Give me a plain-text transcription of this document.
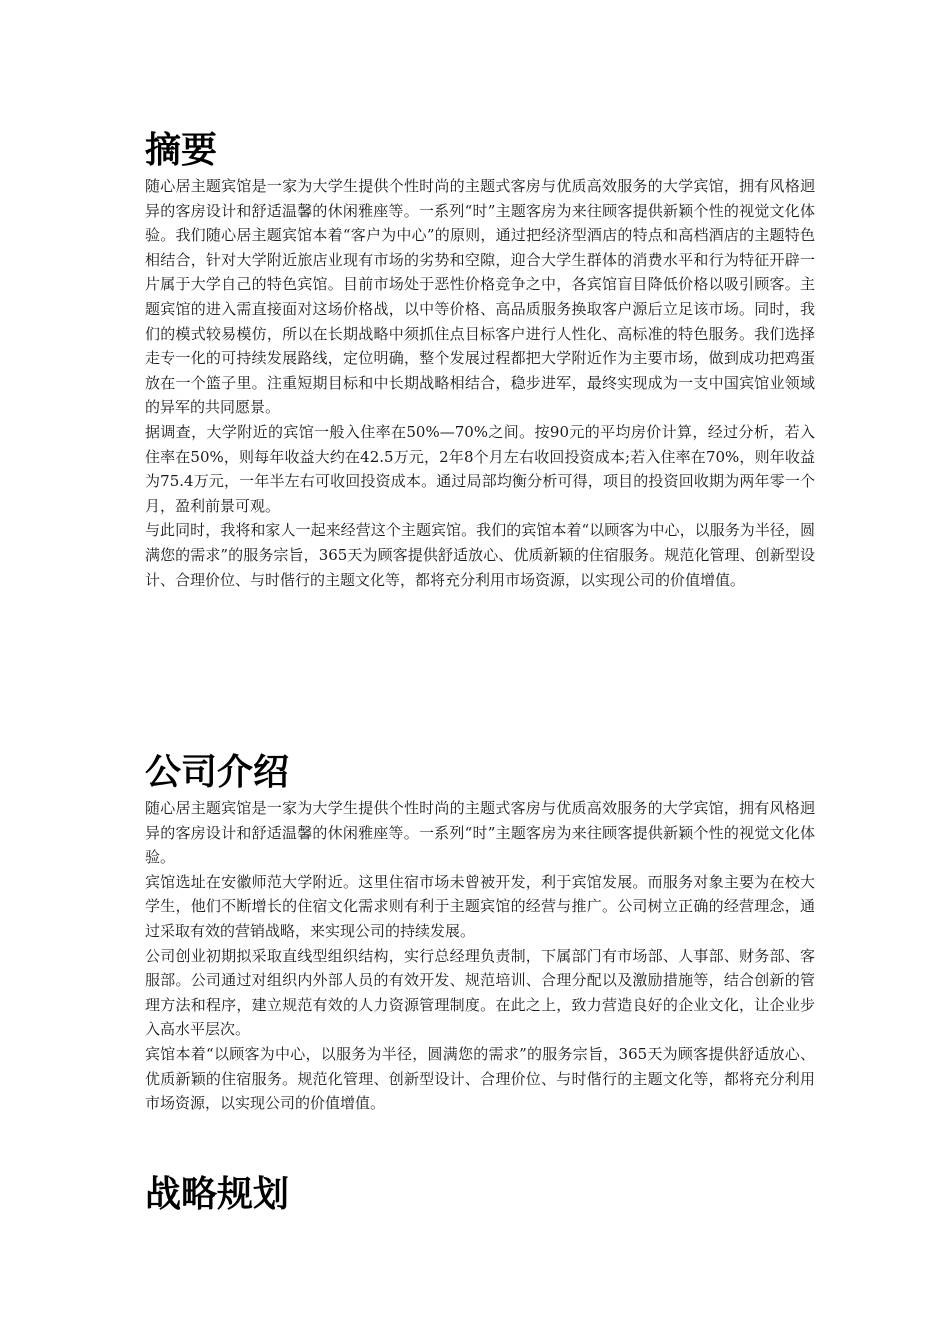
摘要

随心居主题宾馆是一家为大学生提供个性时尚的主题式客房与优质高效服务的大学宾馆，拥有风格迥异的客房设计和舒适温馨的休闲雅座等。一系列“时”主题客房为来往顾客提供新颖个性的视觉文化体验。我们随心居主题宾馆本着“客户为中心”的原则，通过把经济型酒店的特点和高档酒店的主题特色相结合，针对大学附近旅店业现有市场的劣势和空隙，迎合大学生群体的消费水平和行为特征开辟一片属于大学自己的特色宾馆。目前市场处于恶性价格竞争之中，各宾馆盲目降低价格以吸引顾客。主题宾馆的进入需直接面对这场价格战，以中等价格、高品质服务换取客户源后立足该市场。同时，我们的模式较易模仿，所以在长期战略中须抓住点目标客户进行人性化、高标准的特色服务。我们选择走专一化的可持续发展路线，定位明确，整个发展过程都把大学附近作为主要市场，做到成功把鸡蛋放在一个篮子里。注重短期目标和中长期战略相结合，稳步进军，最终实现成为一支中国宾馆业领域的异军的共同愿景。

据调查，大学附近的宾馆一般入住率在50%—70%之间。按90元的平均房价计算，经过分析，若入住率在50%，则每年收益大约在42.5万元，2年8个月左右收回投资成本;若入住率在70%，则年收益为75.4万元，一年半左右可收回投资成本。通过局部均衡分析可得，项目的投资回收期为两年零一个月，盈利前景可观。

与此同时，我将和家人一起来经营这个主题宾馆。我们的宾馆本着“以顾客为中心，以服务为半径，圆满您的需求”的服务宗旨，365天为顾客提供舒适放心、优质新颖的住宿服务。规范化管理、创新型设计、合理价位、与时偕行的主题文化等，都将充分利用市场资源，以实现公司的价值增值。

公司介绍

随心居主题宾馆是一家为大学生提供个性时尚的主题式客房与优质高效服务的大学宾馆，拥有风格迥异的客房设计和舒适温馨的休闲雅座等。一系列“时”主题客房为来往顾客提供新颖个性的视觉文化体验。

宾馆选址在安徽师范大学附近。这里住宿市场未曾被开发，利于宾馆发展。而服务对象主要为在校大学生，他们不断增长的住宿文化需求则有利于主题宾馆的经营与推广。公司树立正确的经营理念，通过采取有效的营销战略，来实现公司的持续发展。

公司创业初期拟采取直线型组织结构，实行总经理负责制，下属部门有市场部、人事部、财务部、客服部。公司通过对组织内外部人员的有效开发、规范培训、合理分配以及激励措施等，结合创新的管理方法和程序，建立规范有效的人力资源管理制度。在此之上，致力营造良好的企业文化，让企业步入高水平层次。

宾馆本着“以顾客为中心，以服务为半径，圆满您的需求”的服务宗旨，365天为顾客提供舒适放心、优质新颖的住宿服务。规范化管理、创新型设计、合理价位、与时偕行的主题文化等，都将充分利用市场资源，以实现公司的价值增值。

战略规划
